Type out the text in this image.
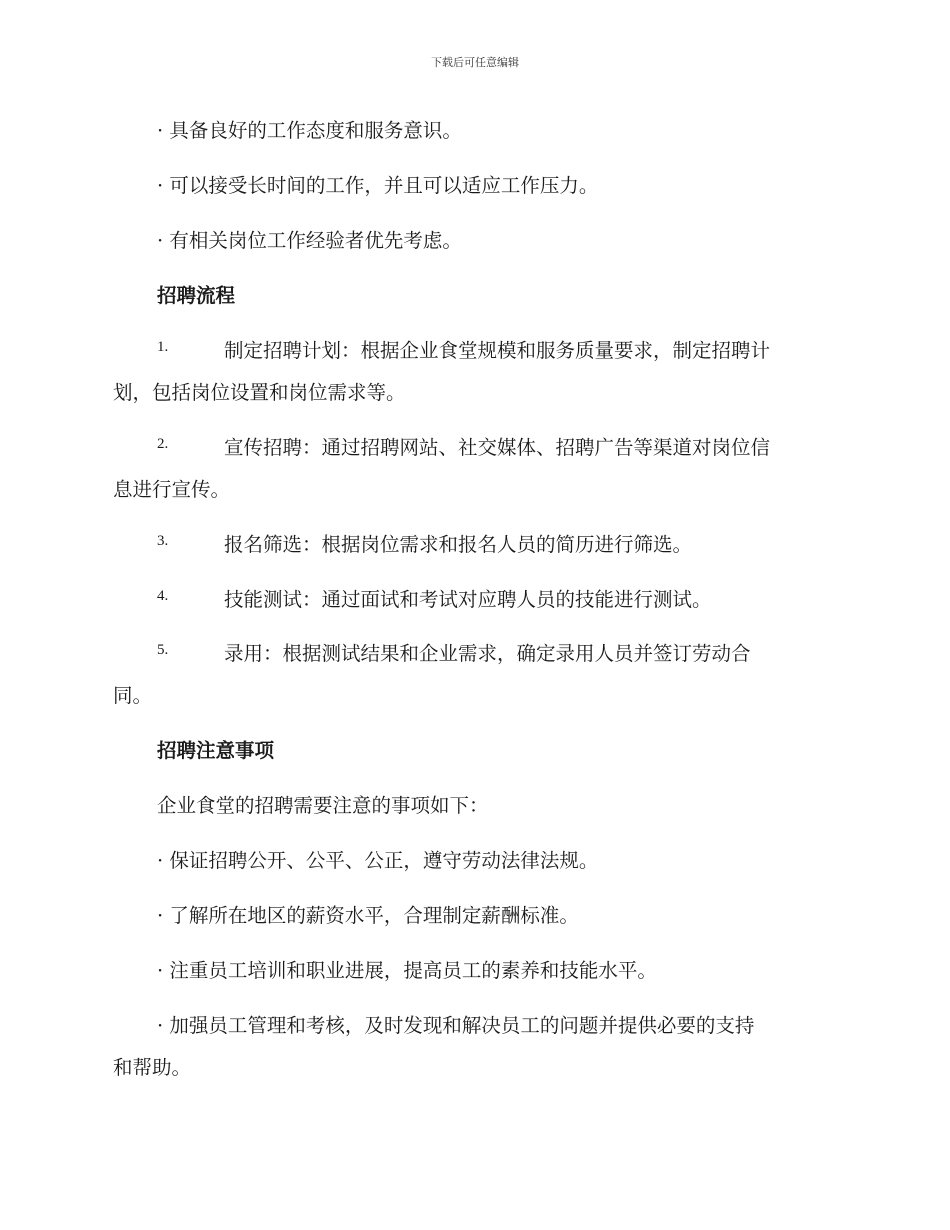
下载后可任意编辑
· 具备良好的工作态度和服务意识。
· 可以接受长时间的工作，并且可以适应工作压力。
· 有相关岗位工作经验者优先考虑。
招聘流程
1.	制定招聘计划：根据企业食堂规模和服务质量要求，制定招聘计
划，包括岗位设置和岗位需求等。
2.	宣传招聘：通过招聘网站、社交媒体、招聘广告等渠道对岗位信
息进行宣传。
3.	报名筛选：根据岗位需求和报名人员的简历进行筛选。
4.	技能测试：通过面试和考试对应聘人员的技能进行测试。
5.	录用：根据测试结果和企业需求，确定录用人员并签订劳动合
同。
招聘注意事项
企业食堂的招聘需要注意的事项如下：
· 保证招聘公开、公平、公正，遵守劳动法律法规。
· 了解所在地区的薪资水平，合理制定薪酬标准。
· 注重员工培训和职业进展，提高员工的素养和技能水平。
· 加强员工管理和考核，及时发现和解决员工的问题并提供必要的支持
和帮助。
